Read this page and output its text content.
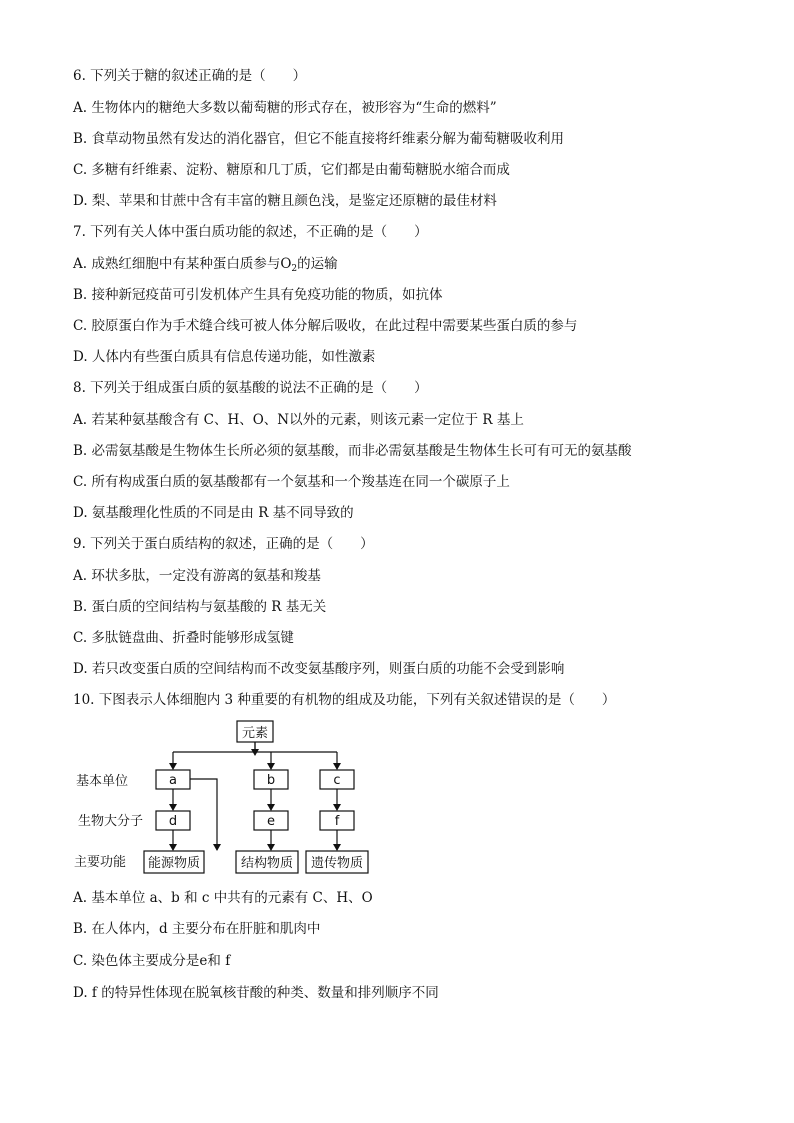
6. 下列关于糖的叙述正确的是（　　）
A. 生物体内的糖绝大多数以葡萄糖的形式存在，被形容为“生命的燃料”
B. 食草动物虽然有发达的消化器官，但它不能直接将纤维素分解为葡萄糖吸收利用
C. 多糖有纤维素、淀粉、糖原和几丁质，它们都是由葡萄糖脱水缩合而成
D. 梨、苹果和甘蔗中含有丰富的糖且颜色浅，是鉴定还原糖的最佳材料
7. 下列有关人体中蛋白质功能的叙述，不正确的是（　　）
A. 成熟红细胞中有某种蛋白质参与$O_2$的运输
B. 接种新冠疫苗可引发机体产生具有免疫功能的物质，如抗体
C. 胶原蛋白作为手术缝合线可被人体分解后吸收，在此过程中需要某些蛋白质的参与
D. 人体内有些蛋白质具有信息传递功能，如性激素
8. 下列关于组成蛋白质的氨基酸的说法不正确的是（　　）
A. 若某种氨基酸含有 C、H、O、N以外的元素，则该元素一定位于 R 基上
B. 必需氨基酸是生物体生长所必须的氨基酸，而非必需氨基酸是生物体生长可有可无的氨基酸
C. 所有构成蛋白质的氨基酸都有一个氨基和一个羧基连在同一个碳原子上
D. 氨基酸理化性质的不同是由 R 基不同导致的
9. 下列关于蛋白质结构的叙述，正确的是（　　）
A. 环状多肽，一定没有游离的氨基和羧基
B. 蛋白质的空间结构与氨基酸的 R 基无关
C. 多肽链盘曲、折叠时能够形成氢键
D. 若只改变蛋白质的空间结构而不改变氨基酸序列，则蛋白质的功能不会受到影响
10. 下图表示人体细胞内 3 种重要的有机物的组成及功能，下列有关叙述错误的是（　　）
元素
基本单位
生物大分子
主要功能
a	b	c
d	e	f
能源物质	结构物质 遗传物质
A. 基本单位 a、b 和 c 中共有的元素有 C、H、O
B. 在人体内，d 主要分布在肝脏和肌肉中
C. 染色体主要成分是e和 f
D. f 的特异性体现在脱氧核苷酸的种类、数量和排列顺序不同
